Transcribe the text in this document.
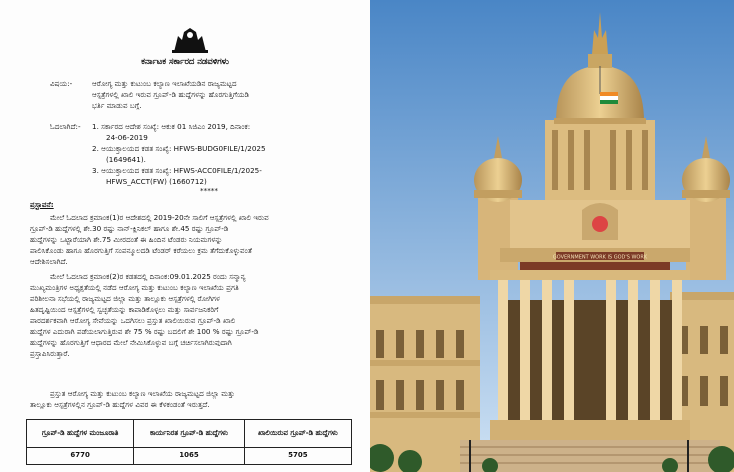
ಕರ್ನಾಟಕ ಸರ್ಕಾರದ ನಡವಳಿಗಳು
ವಿಷಯ:-	ಆರೋಗ್ಯ ಮತ್ತು ಕುಟುಂಬ ಕಲ್ಯಾಣ ಇಲಾಖೆಯಡಿನ ರಾಜ್ಯಮಟ್ಟದ
ಆಸ್ಪತ್ರೆಗಳಲ್ಲಿ ಖಾಲಿ ಇರುವ ಗ್ರೂಪ್-ಡಿ ಹುದ್ದೆಗಳನ್ನು ಹೊರಗುತ್ತಿಗೆಯಡಿ
ಭರ್ತಿ ಮಾಡುವ ಬಗ್ಗೆ.
ಓದಲಾಗಿದೆ:- 1. ಸರ್ಕಾರದ ಆದೇಶ ಸಂಖ್ಯೆ: ಆಕುಕ 01 ಸಿಜಿಎಂ 2019, ದಿನಾಂಕ:
24-06-2019
2. ಆಯುಕ್ತಾಲಯದ ಕಡತ ಸಂಖ್ಯೆ: HFWS-BUDG0FILE/1/2025
(1649641).
3. ಆಯುಕ್ತಾಲಯದ ಕಡತ ಸಂಖ್ಯೆ: HFWS-ACC0FILE/1/2025-
HFWS_ACCT(FW) (1660712)
*****
ಪ್ರಸ್ತಾವನೆ:
ಮೇಲೆ ಓದಲಾದ ಕ್ರಮಾಂಕ(1)ರ ಆದೇಶದಲ್ಲಿ 2019-20ನೇ ಸಾಲಿಗೆ ಆಸ್ಪತ್ರೆಗಳಲ್ಲಿ ಖಾಲಿ ಇರುವ
ಗ್ರೂಪ್-ಡಿ ಹುದ್ದೆಗಳಲ್ಲಿ ಶೇ.30 ರಷ್ಟು ನಾನ್-ಕ್ಲಿನಿಕಲ್ ಹಾಗೂ ಶೇ.45 ರಷ್ಟು ಗ್ರೂಪ್-ಡಿ
ಹುದ್ದೆಗಳನ್ನು ಒಟ್ಟಾರೆಯಾಗಿ ಶೇ.75 ಮೀರದಂತೆ ಈ ಹಿಂದಿನ ಟೆಂಡರು ನಿಯಮಗಳನ್ನು
ಪಾಲಿಸಿಕೊಂಡು ಹಾಗೂ ಹೊರಗುತ್ತಿಗೆ ಸಂಪನ್ಮೂಲದಡಿ ಟೆಂಡರ್ ಕರೆಯಲು ಕ್ರಮ ತೆಗೆದುಕೊಳ್ಳುವಂತೆ
ಆದೇಶಿಸಲಾಗಿದೆ.
ಮೇಲೆ ಓದಲಾದ ಕ್ರಮಾಂಕ(2)ರ ಕಡತದಲ್ಲಿ ದಿನಾಂಕ:09.01.2025 ರಂದು ಸನ್ಮಾನ್ಯ
ಮುಖ್ಯಮಂತ್ರಿಗಳ ಅಧ್ಯಕ್ಷತೆಯಲ್ಲಿ ನಡೆದ ಆರೋಗ್ಯ ಮತ್ತು ಕುಟುಂಬ ಕಲ್ಯಾಣ ಇಲಾಖೆಯ ಪ್ರಗತಿ
ಪರಿಶೀಲನಾ ಸಭೆಯಲ್ಲಿ ರಾಜ್ಯಮಟ್ಟದ ಜಿಲ್ಲಾ ಮತ್ತು ತಾಲ್ಲೂಕು ಆಸ್ಪತ್ರೆಗಳಲ್ಲಿ ರೋಗಿಗಳ
ಹಿತದೃಷ್ಟಿಯಿಂದ ಆಸ್ಪತ್ರೆಗಳಲ್ಲಿ ಸ್ವಚ್ಛತೆಯನ್ನು ಕಾಪಾಡಿಕೊಳ್ಳಲು ಮತ್ತು ಸಾರ್ವಜನಿಕರಿಗೆ
ಪಾರದರ್ಶಕವಾಗಿ ಆರೋಗ್ಯ ಸೇವೆಯನ್ನು ಒದಗಿಸಲು ಪ್ರಸ್ತುತ ಖಾಲಿಯಿರುವ ಗ್ರೂಪ್-ಡಿ ಖಾಲಿ
ಹುದ್ದೆಗಳ ಎದುರಾಗಿ ಪಡೆಯಲಾಗುತ್ತಿರುವ ಶೇ 75 % ರಷ್ಟು ಬದಲಿಗೆ ಶೇ 100 % ರಷ್ಟು ಗ್ರೂಪ್-ಡಿ
ಹುದ್ದೆಗಳನ್ನು ಹೊರಗುತ್ತಿಗೆ ಆಧಾರದ ಮೇಲೆ ನೇಮಿಸಿಕೊಳ್ಳುವ ಬಗ್ಗೆ ಚರ್ಚಿಸಲಾಗಿರುವುದಾಗಿ
ಪ್ರಸ್ತಾಪಿಸಿರುತ್ತಾರೆ.
ಪ್ರಸ್ತುತ ಆರೋಗ್ಯ ಮತ್ತು ಕುಟುಂಬ ಕಲ್ಯಾಣ ಇಲಾಖೆಯ ರಾಜ್ಯಮಟ್ಟದ ಜಿಲ್ಲಾ ಮತ್ತು
ತಾಲ್ಲೂಕು ಆಸ್ಪತ್ರೆಗಳಲ್ಲಿನ ಗ್ರೂಪ್-ಡಿ ಹುದ್ದೆಗಳ ವಿವರ ಈ ಕೆಳಕಂಡಂತೆ ಇರುತ್ತದೆ.
ಗ್ರೂಪ್-ಡಿ ಹುದ್ದೆಗಳ ಮಂಜೂರಾತಿ	ಕಾರ್ಯನಿರತ ಗ್ರೂಪ್-ಡಿ ಹುದ್ದೆಗಳು	ಖಾಲಿಯಿರುವ ಗ್ರೂಪ್-ಡಿ ಹುದ್ದೆಗಳು
6770	1065	5705
GOVERNMENT WORK IS GOD'S WORK
